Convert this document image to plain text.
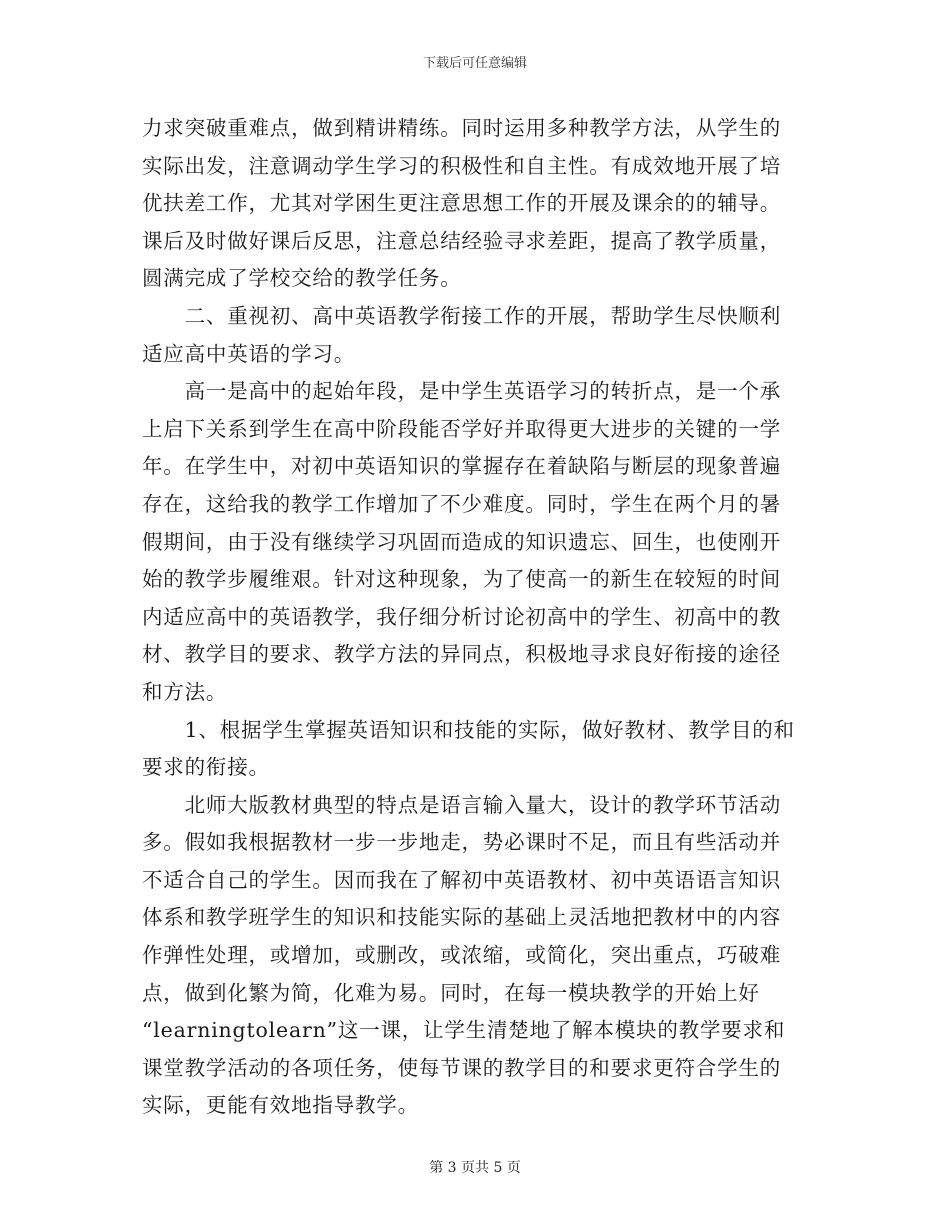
下载后可任意编辑
力求突破重难点，做到精讲精练。同时运用多种教学方法，从学生的
实际出发，注意调动学生学习的积极性和自主性。有成效地开展了培
优扶差工作，尤其对学困生更注意思想工作的开展及课余的的辅导。
课后及时做好课后反思，注意总结经验寻求差距，提高了教学质量，
圆满完成了学校交给的教学任务。
　　二、重视初、高中英语教学衔接工作的开展，帮助学生尽快顺利
适应高中英语的学习。
　　高一是高中的起始年段，是中学生英语学习的转折点，是一个承
上启下关系到学生在高中阶段能否学好并取得更大进步的关键的一学
年。在学生中，对初中英语知识的掌握存在着缺陷与断层的现象普遍
存在，这给我的教学工作增加了不少难度。同时，学生在两个月的暑
假期间，由于没有继续学习巩固而造成的知识遗忘、回生，也使刚开
始的教学步履维艰。针对这种现象，为了使高一的新生在较短的时间
内适应高中的英语教学，我仔细分析讨论初高中的学生、初高中的教
材、教学目的要求、教学方法的异同点，积极地寻求良好衔接的途径
和方法。
　　1、根据学生掌握英语知识和技能的实际，做好教材、教学目的和
要求的衔接。
　　北师大版教材典型的特点是语言输入量大，设计的教学环节活动
多。假如我根据教材一步一步地走，势必课时不足，而且有些活动并
不适合自己的学生。因而我在了解初中英语教材、初中英语语言知识
体系和教学班学生的知识和技能实际的基础上灵活地把教材中的内容
作弹性处理，或增加，或删改，或浓缩，或简化，突出重点，巧破难
点，做到化繁为简，化难为易。同时，在每一模块教学的开始上好
“learningtolearn”这一课，让学生清楚地了解本模块的教学要求和
课堂教学活动的各项任务，使每节课的教学目的和要求更符合学生的
实际，更能有效地指导教学。
第 3 页共 5 页
